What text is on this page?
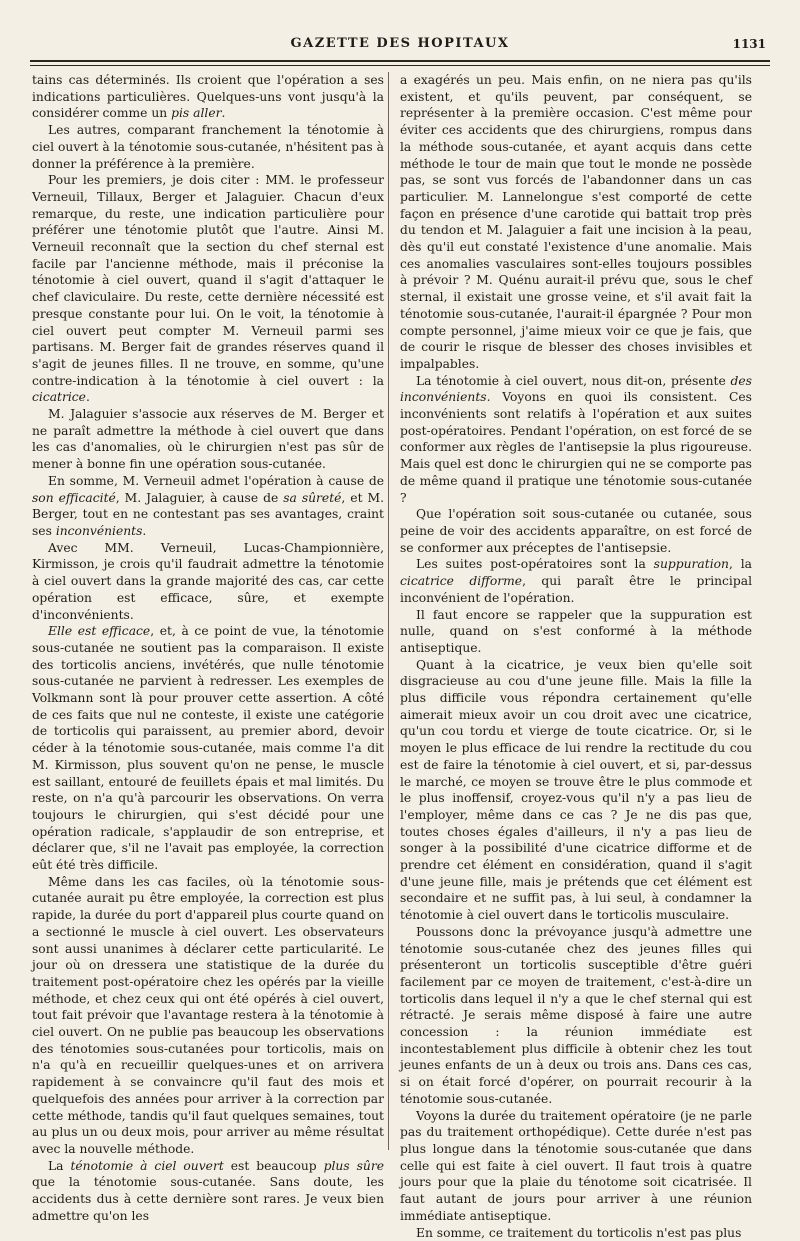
GAZETTE DES HOPITAUX	1131

tains cas déterminés. Ils croient que l'opération a ses indications particulières. Quelques-uns vont jusqu'à la considérer comme un pis aller.

Les autres, comparant franchement la ténotomie à ciel ouvert à la ténotomie sous-cutanée, n'hésitent pas à donner la préférence à la première.

Pour les premiers, je dois citer : MM. le professeur Verneuil, Tillaux, Berger et Jalaguier. Chacun d'eux remarque, du reste, une indication particulière pour préférer une ténotomie plutôt que l'autre. Ainsi M. Verneuil reconnaît que la section du chef sternal est facile par l'ancienne méthode, mais il préconise la ténotomie à ciel ouvert, quand il s'agit d'attaquer le chef claviculaire. Du reste, cette dernière nécessité est presque constante pour lui. On le voit, la ténotomie à ciel ouvert peut compter M. Verneuil parmi ses partisans. M. Berger fait de grandes réserves quand il s'agit de jeunes filles. Il ne trouve, en somme, qu'une contre-indication à la ténotomie à ciel ouvert : la cicatrice.

M. Jalaguier s'associe aux réserves de M. Berger et ne paraît admettre la méthode à ciel ouvert que dans les cas d'anomalies, où le chirurgien n'est pas sûr de mener à bonne fin une opération sous-cutanée.

En somme, M. Verneuil admet l'opération à cause de son efficacité, M. Jalaguier, à cause de sa sûreté, et M. Berger, tout en ne contestant pas ses avantages, craint ses inconvénients.

Avec MM. Verneuil, Lucas-Championnière, Kirmisson, je crois qu'il faudrait admettre la ténotomie à ciel ouvert dans la grande majorité des cas, car cette opération est efficace, sûre, et exempte d'inconvénients.

Elle est efficace, et, à ce point de vue, la ténotomie sous-cutanée ne soutient pas la comparaison. Il existe des torticolis anciens, invétérés, que nulle ténotomie sous-cutanée ne parvient à redresser. Les exemples de Volkmann sont là pour prouver cette assertion. A côté de ces faits que nul ne conteste, il existe une catégorie de torticolis qui paraissent, au premier abord, devoir céder à la ténotomie sous-cutanée, mais comme l'a dit M. Kirmisson, plus souvent qu'on ne pense, le muscle est saillant, entouré de feuillets épais et mal limités. Du reste, on n'a qu'à parcourir les observations. On verra toujours le chirurgien, qui s'est décidé pour une opération radicale, s'applaudir de son entreprise, et déclarer que, s'il ne l'avait pas employée, la correction eût été très difficile.

Même dans les cas faciles, où la ténotomie sous-cutanée aurait pu être employée, la correction est plus rapide, la durée du port d'appareil plus courte quand on a sectionné le muscle à ciel ouvert. Les observateurs sont aussi unanimes à déclarer cette particularité. Le jour où on dressera une statistique de la durée du traitement post-opératoire chez les opérés par la vieille méthode, et chez ceux qui ont été opérés à ciel ouvert, tout fait prévoir que l'avantage restera à la ténotomie à ciel ouvert. On ne publie pas beaucoup les observations des ténotomies sous-cutanées pour torticolis, mais on n'a qu'à en recueillir quelques-unes et on arrivera rapidement à se convaincre qu'il faut des mois et quelquefois des années pour arriver à la correction par cette méthode, tandis qu'il faut quelques semaines, tout au plus un ou deux mois, pour arriver au même résultat avec la nouvelle méthode.

La ténotomie à ciel ouvert est beaucoup plus sûre que la ténotomie sous-cutanée. Sans doute, les accidents dus à cette dernière sont rares. Je veux bien admettre qu'on les

a exagérés un peu. Mais enfin, on ne niera pas qu'ils existent, et qu'ils peuvent, par conséquent, se représenter à la première occasion. C'est même pour éviter ces accidents que des chirurgiens, rompus dans la méthode sous-cutanée, et ayant acquis dans cette méthode le tour de main que tout le monde ne possède pas, se sont vus forcés de l'abandonner dans un cas particulier. M. Lannelongue s'est comporté de cette façon en présence d'une carotide qui battait trop près du tendon et M. Jalaguier a fait une incision à la peau, dès qu'il eut constaté l'existence d'une anomalie. Mais ces anomalies vasculaires sont-elles toujours possibles à prévoir ? M. Quénu aurait-il prévu que, sous le chef sternal, il existait une grosse veine, et s'il avait fait la ténotomie sous-cutanée, l'aurait-il épargnée ? Pour mon compte personnel, j'aime mieux voir ce que je fais, que de courir le risque de blesser des choses invisibles et impalpables.

La ténotomie à ciel ouvert, nous dit-on, présente des inconvénients. Voyons en quoi ils consistent. Ces inconvénients sont relatifs à l'opération et aux suites post-opératoires. Pendant l'opération, on est forcé de se conformer aux règles de l'antisepsie la plus rigoureuse. Mais quel est donc le chirurgien qui ne se comporte pas de même quand il pratique une ténotomie sous-cutanée ?

Que l'opération soit sous-cutanée ou cutanée, sous peine de voir des accidents apparaître, on est forcé de se conformer aux préceptes de l'antisepsie.

Les suites post-opératoires sont la suppuration, la cicatrice difforme, qui paraît être le principal inconvénient de l'opération.

Il faut encore se rappeler que la suppuration est nulle, quand on s'est conformé à la méthode antiseptique.

Quant à la cicatrice, je veux bien qu'elle soit disgracieuse au cou d'une jeune fille. Mais la fille la plus difficile vous répondra certainement qu'elle aimerait mieux avoir un cou droit avec une cicatrice, qu'un cou tordu et vierge de toute cicatrice. Or, si le moyen le plus efficace de lui rendre la rectitude du cou est de faire la ténotomie à ciel ouvert, et si, par-dessus le marché, ce moyen se trouve être le plus commode et le plus inoffensif, croyez-vous qu'il n'y a pas lieu de l'employer, même dans ce cas ? Je ne dis pas que, toutes choses égales d'ailleurs, il n'y a pas lieu de songer à la possibilité d'une cicatrice difforme et de prendre cet élément en considération, quand il s'agit d'une jeune fille, mais je prétends que cet élément est secondaire et ne suffit pas, à lui seul, à condamner la ténotomie à ciel ouvert dans le torticolis musculaire.

Poussons donc la prévoyance jusqu'à admettre une ténotomie sous-cutanée chez des jeunes filles qui présenteront un torticolis susceptible d'être guéri facilement par ce moyen de traitement, c'est-à-dire un torticolis dans lequel il n'y a que le chef sternal qui est rétracté. Je serais même disposé à faire une autre concession : la réunion immédiate est incontestablement plus difficile à obtenir chez les tout jeunes enfants de un à deux ou trois ans. Dans ces cas, si on était forcé d'opérer, on pourrait recourir à la ténotomie sous-cutanée.

Voyons la durée du traitement opératoire (je ne parle pas du traitement orthopédique). Cette durée n'est pas plus longue dans la ténotomie sous-cutanée que dans celle qui est faite à ciel ouvert. Il faut trois à quatre jours pour que la plaie du ténotome soit cicatrisée. Il faut autant de jours pour arriver à une réunion immédiate antiseptique.

En somme, ce traitement du torticolis n'est pas plus
